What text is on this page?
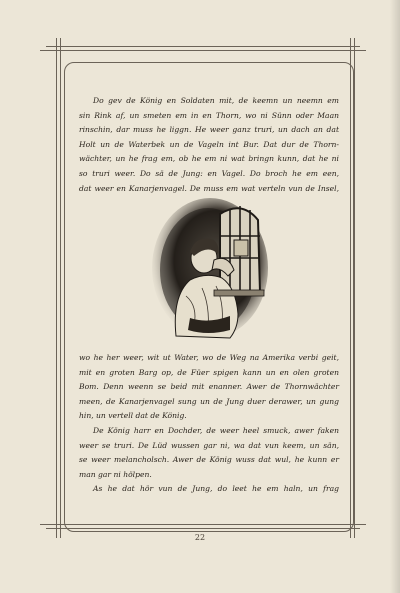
Do gev de König en Soldaten mit, de keemn un neemn em
sin Rink af, un smeten em in en Thorn, wo ni Sünn oder Maan
rinschin, dar muss he liggn. He weer ganz truri, un dach an dat
Holt un de Waterbek un de Vageln int Bur. Dat dur de Thorn-
wächter, un he frag em, ob he em ni wat bringn kunn, dat he ni
so truri weer. Do sä de Jung: en Vagel. Do broch he em een,
dat weer en Kanarjenvagel. De muss em wat verteln vun de Insel,
wo he her weer, wit ut Water, wo de Weg na Amerika verbi geit,
mit en groten Barg op, de Füer spigen kann un en olen groten
Bom. Denn weenn se beid mit enanner. Awer de Thornwächter
meen, de Kanarjenvagel sung un de Jung duer derawer, un gung
hin, un vertell dat de König.
De König harr en Dochder, de weer heel smuck, awer faken
weer se truri. De Lüd wussen gar ni, wa dat vun keem, un sän,
se weer melancholsch. Awer de König wuss dat wul, he kunn er
man gar ni hölpen.
As he dat hör vun de Jung, do leet he em haln, un frag
22
